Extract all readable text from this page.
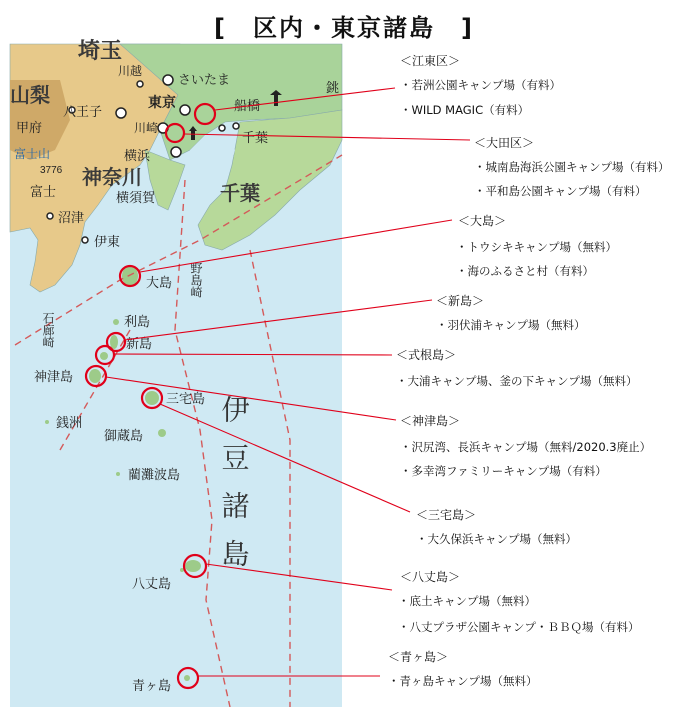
[　区内・東京諸島　]
埼玉
山梨
川越
さいたま
八王子
甲府
東京	船橋
銚
川崎
千葉
富士山
3776
横浜
神奈川
富士	横須賀	千葉
沼津
伊東
大島 野島崎
利島
石廊崎	新島
神津島
三宅島
銭洲
御蔵島
藺灘波島
八丈島
青ヶ島
伊豆諸島
＜江東区＞
・若洲公園キャンプ場（有料）
・WILD MAGIC（有料）
＜大田区＞
・城南島海浜公園キャンプ場（有料）
・平和島公園キャンプ場（有料）
＜大島＞
・トウシキキャンプ場（無料）
・海のふるさと村（有料）
＜新島＞
・羽伏浦キャンプ場（無料）
＜式根島＞
・大浦キャンプ場、釜の下キャンプ場（無料）
＜神津島＞
・沢尻湾、長浜キャンプ場（無料/2020.3廃止）
・多幸湾ファミリーキャンプ場（有料）
＜三宅島＞
・大久保浜キャンプ場（無料）
＜八丈島＞
・底土キャンプ場（無料）
・八丈プラザ公園キャンプ・ＢＢＱ場（有料）
＜青ヶ島＞
・青ヶ島キャンプ場（無料）
